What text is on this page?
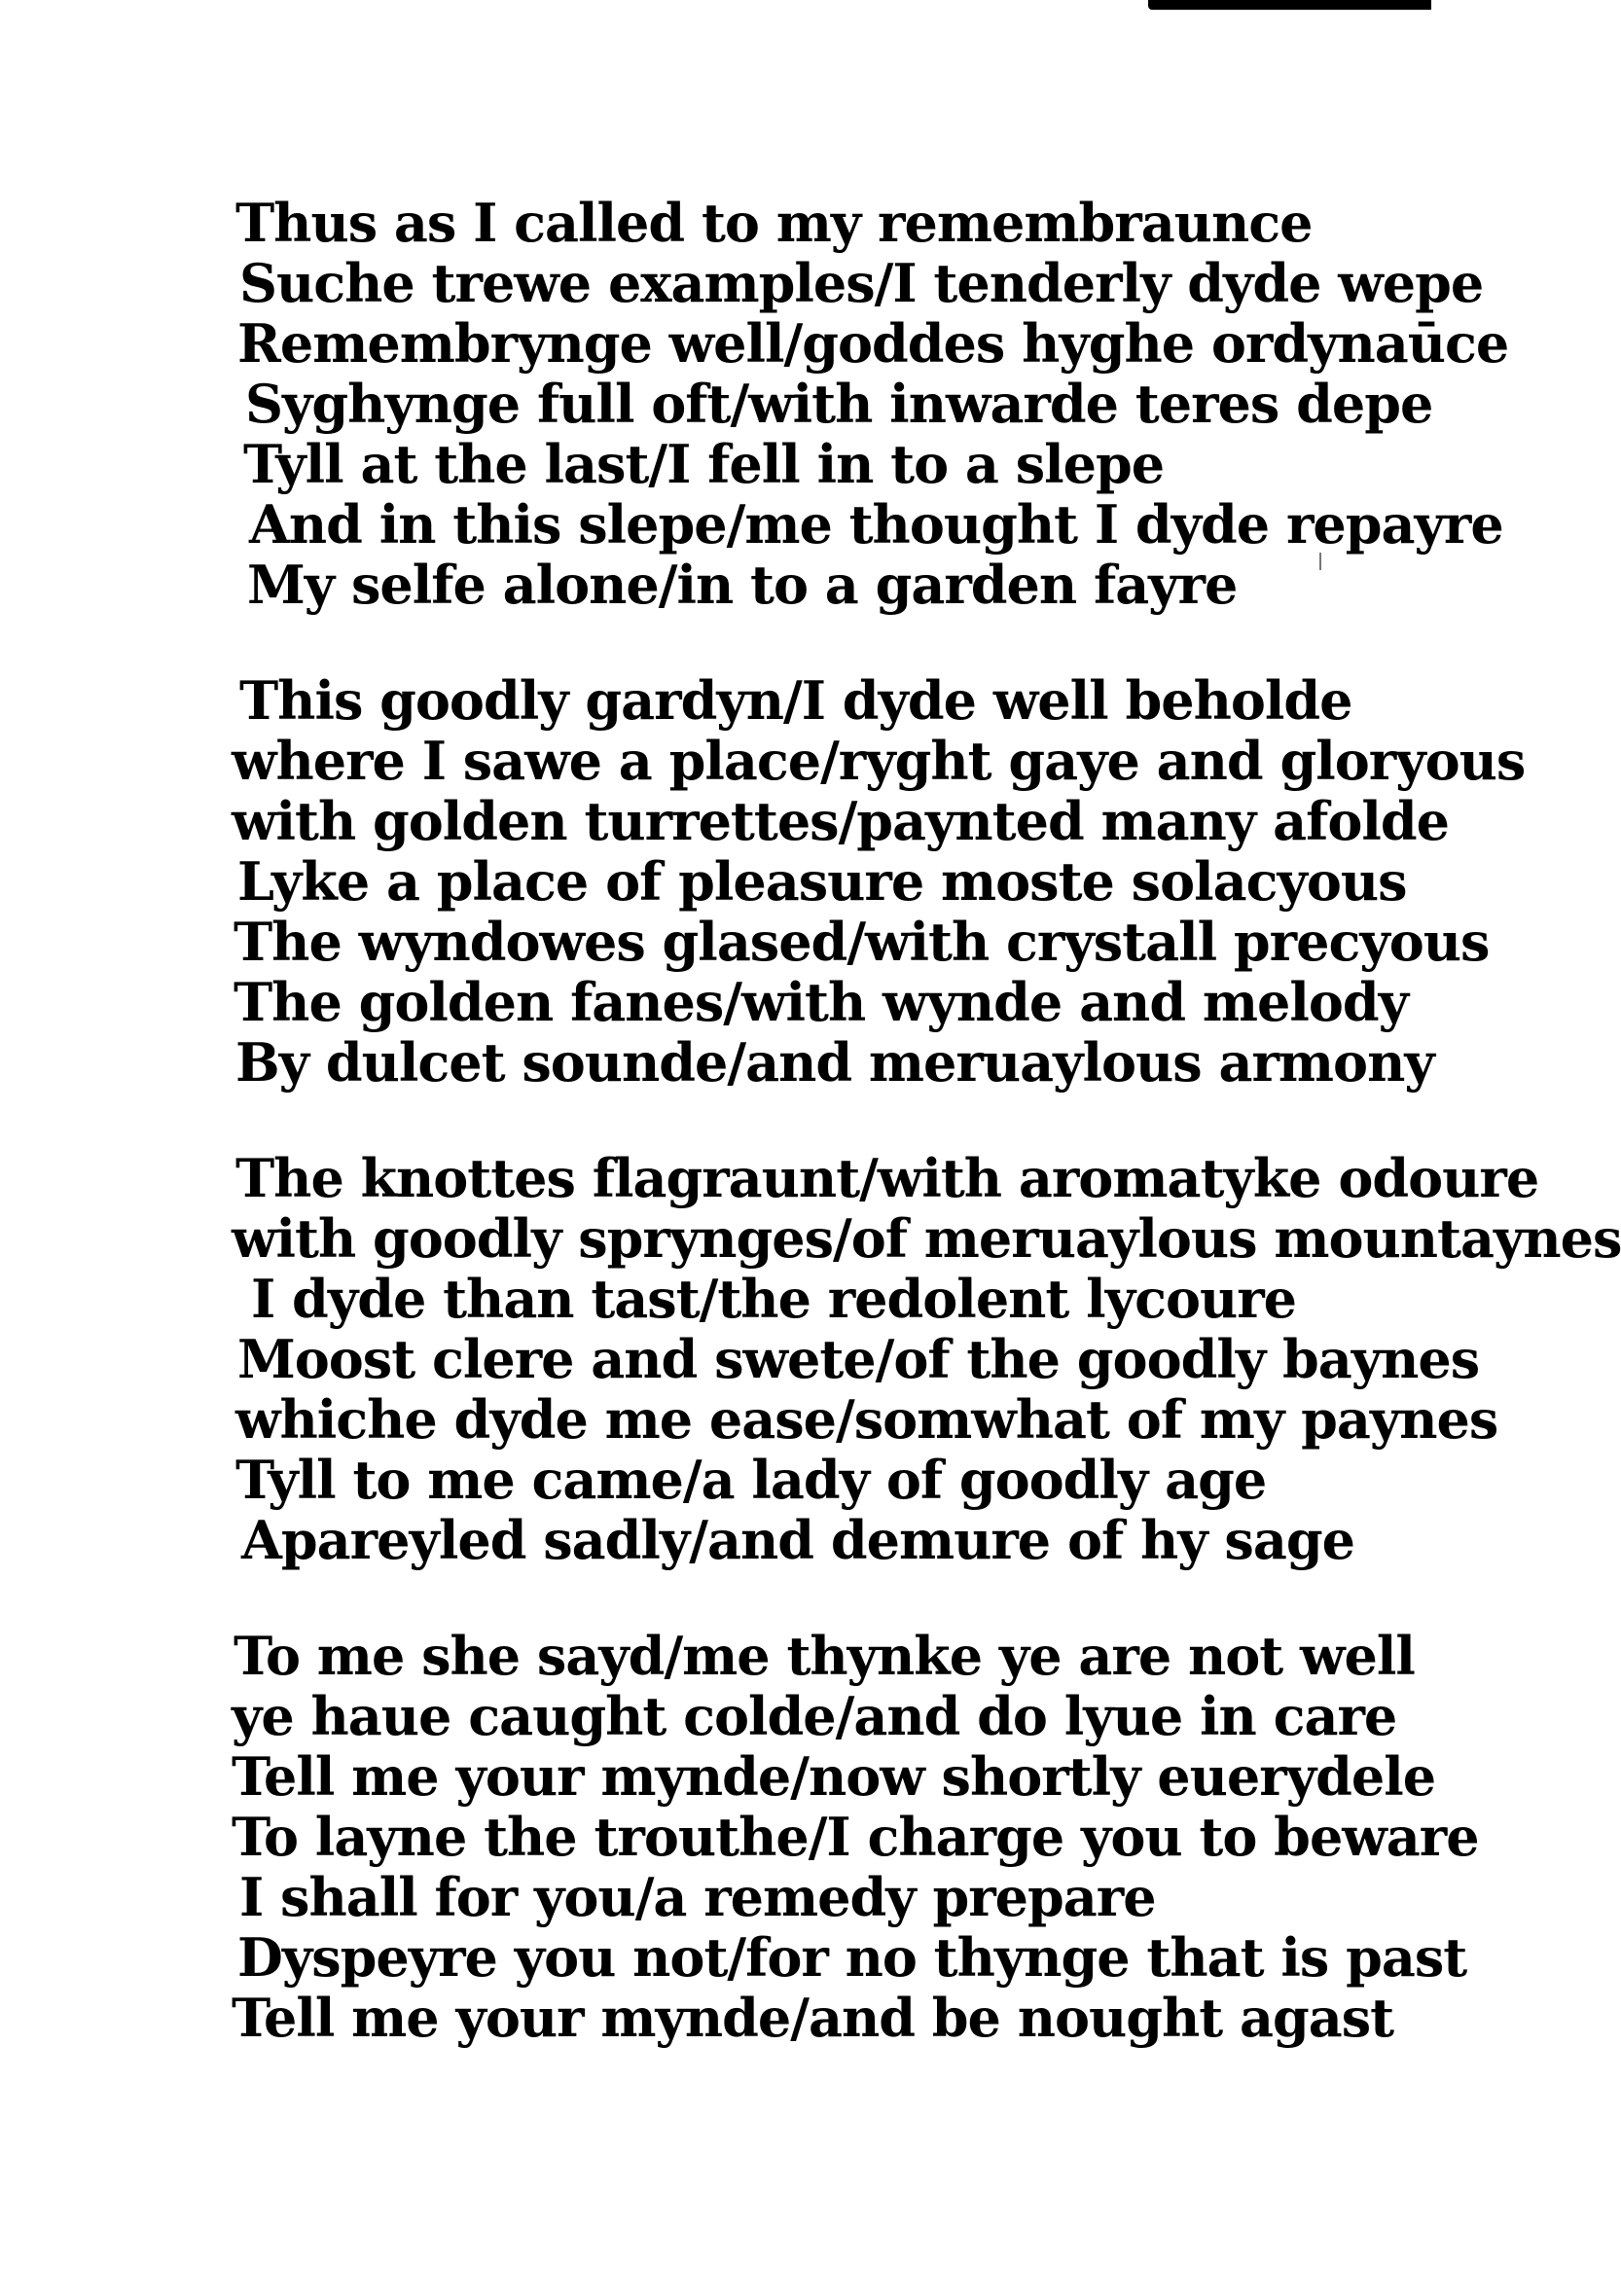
Thus as I called to my remembraunce
Suche trewe examples/I tenderly dyde wepe
Remembrynge well/goddes hyghe ordynaūce
Syghynge full oft/with inwarde teres depe
Tyll at the last/I fell in to a slepe
And in this slepe/me thought I dyde repayre
My selfe alone/in to a garden fayre
This goodly gardyn/I dyde well beholde
where I sawe a place/ryght gaye and gloryous
with golden turrettes/paynted many afolde
Lyke a place of pleasure moste solacyous
The wyndowes glased/with crystall precyous
The golden fanes/with wynde and melody
By dulcet sounde/and meruaylous armony
The knottes flagraunt/with aromatyke odoure
with goodly sprynges/of meruaylous mountaynes
I dyde than tast/the redolent lycoure
Moost clere and swete/of the goodly baynes
whiche dyde me ease/somwhat of my paynes
Tyll to me came/a lady of goodly age
Apareyled sadly/and demure of hy sage
To me she sayd/me thynke ye are not well
ye haue caught colde/and do lyue in care
Tell me your mynde/now shortly euerydele
To layne the trouthe/I charge you to beware
I shall for you/a remedy prepare
Dyspeyre you not/for no thynge that is past
Tell me your mynde/and be nought agast
